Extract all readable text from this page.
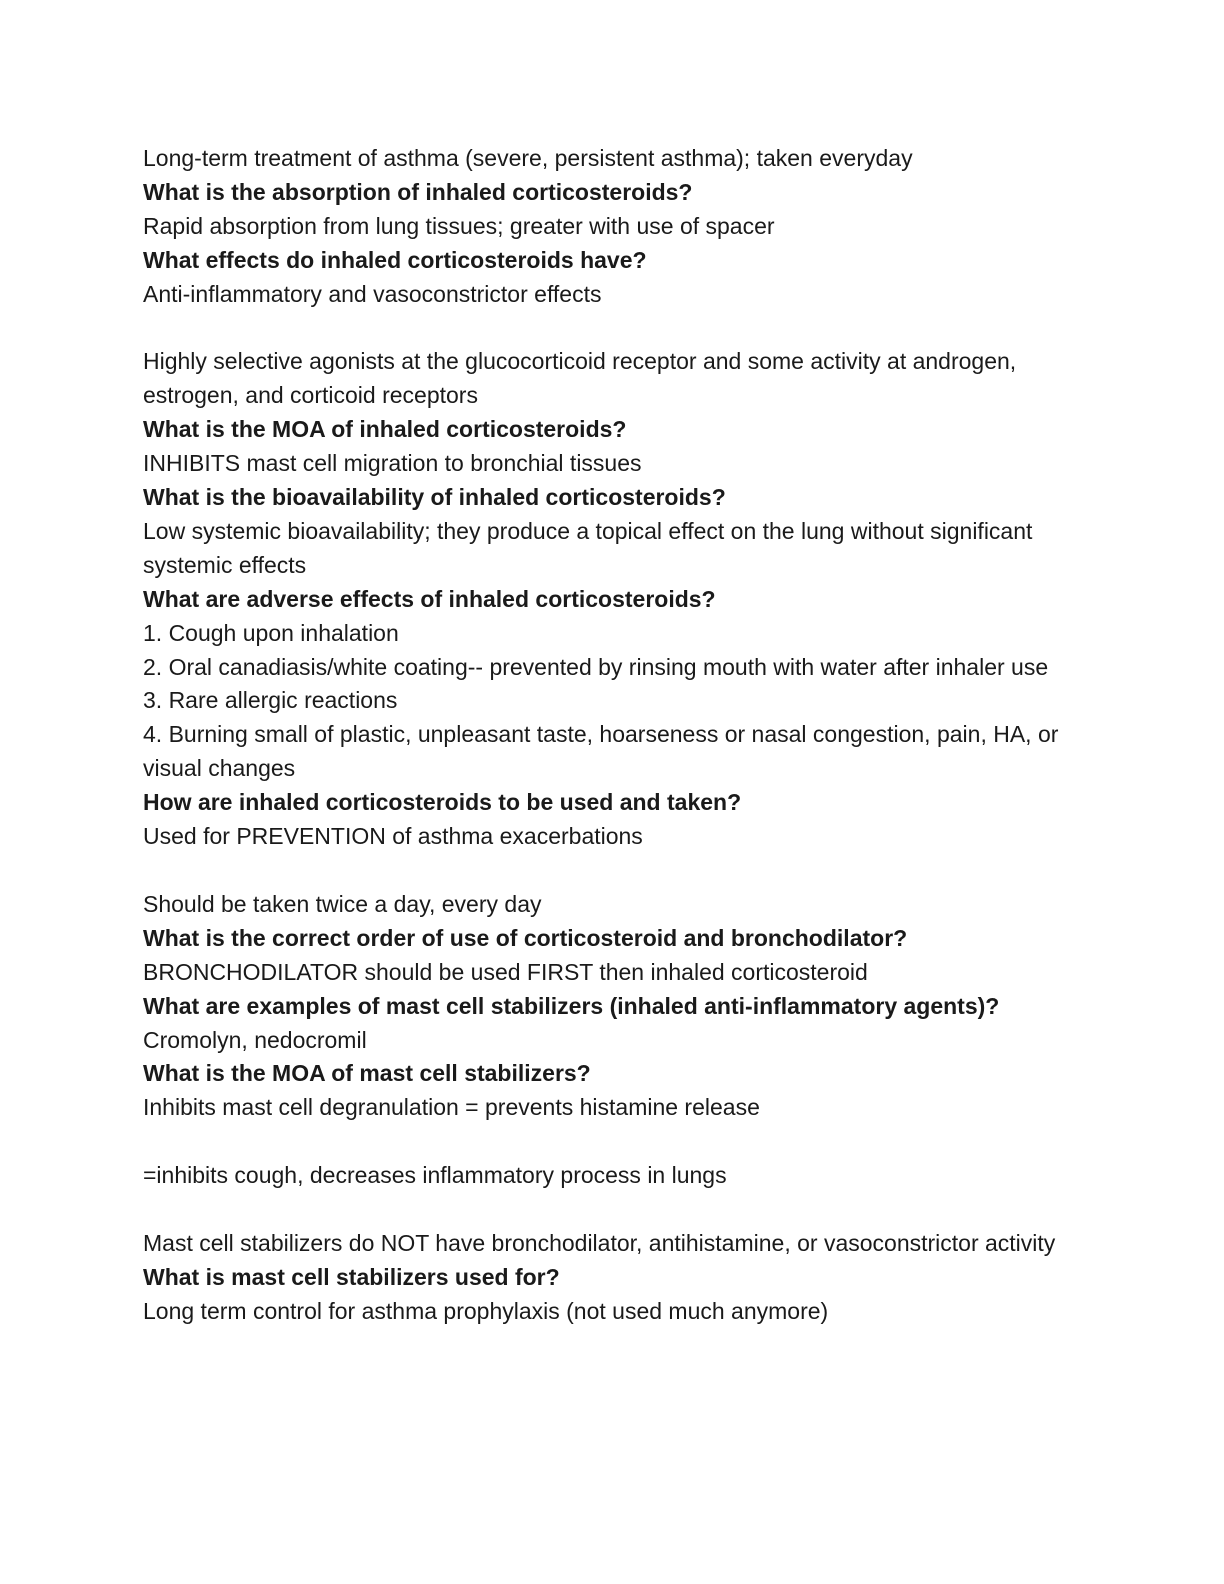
Long-term treatment of asthma (severe, persistent asthma); taken everyday

What is the absorption of inhaled corticosteroids?

Rapid absorption from lung tissues; greater with use of spacer

What effects do inhaled corticosteroids have?

Anti-inflammatory and vasoconstrictor effects

Highly selective agonists at the glucocorticoid receptor and some activity at androgen, estrogen, and corticoid receptors

What is the MOA of inhaled corticosteroids?

INHIBITS mast cell migration to bronchial tissues

What is the bioavailability of inhaled corticosteroids?

Low systemic bioavailability; they produce a topical effect on the lung without significant systemic effects

What are adverse effects of inhaled corticosteroids?

1. Cough upon inhalation

2. Oral canadiasis/white coating-- prevented by rinsing mouth with water after inhaler use

3. Rare allergic reactions

4. Burning small of plastic, unpleasant taste, hoarseness or nasal congestion, pain, HA, or visual changes

How are inhaled corticosteroids to be used and taken?

Used for PREVENTION of asthma exacerbations

Should be taken twice a day, every day

What is the correct order of use of corticosteroid and bronchodilator?

BRONCHODILATOR should be used FIRST then inhaled corticosteroid

What are examples of mast cell stabilizers (inhaled anti-inflammatory agents)?

Cromolyn, nedocromil

What is the MOA of mast cell stabilizers?

Inhibits mast cell degranulation = prevents histamine release

=inhibits cough, decreases inflammatory process in lungs

Mast cell stabilizers do NOT have bronchodilator, antihistamine, or vasoconstrictor activity

What is mast cell stabilizers used for?

Long term control for asthma prophylaxis (not used much anymore)
